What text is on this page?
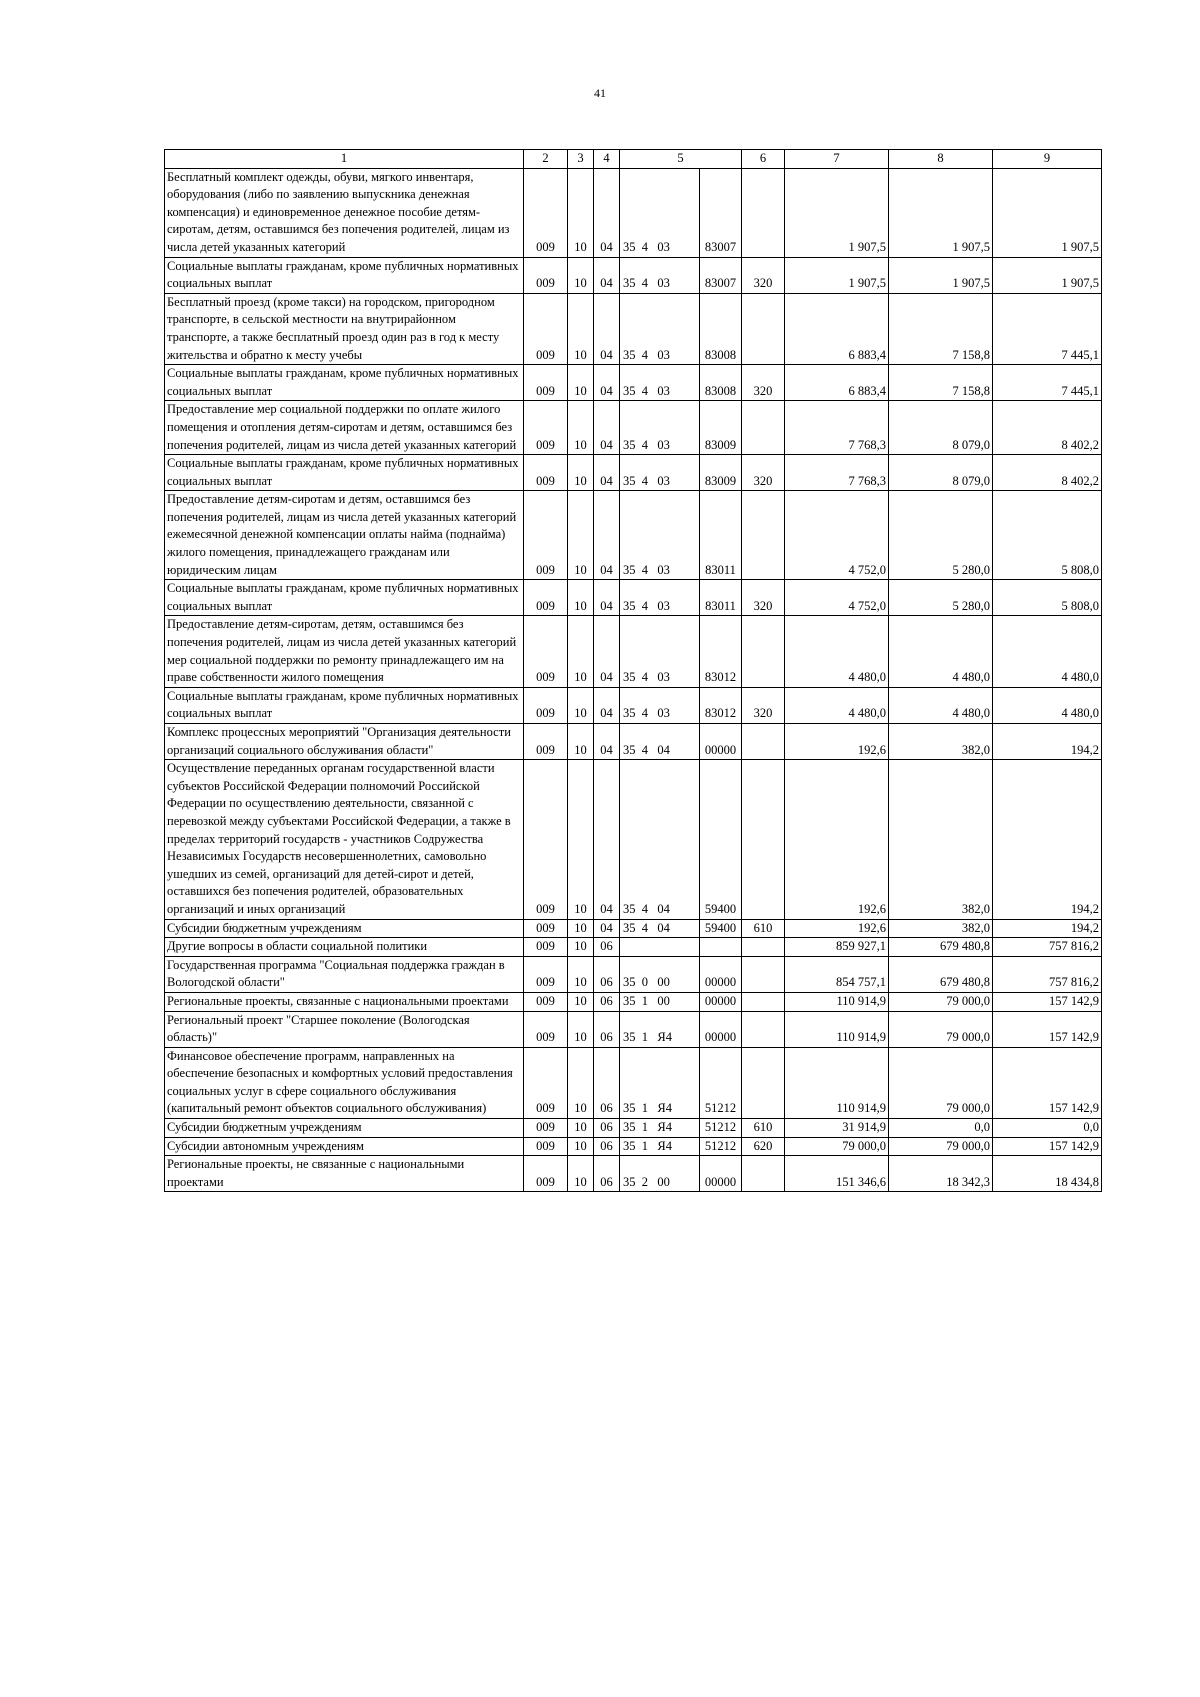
41
1	2	3	4	5		6	7	8	9
Бесплатный комплект одежды, обуви, мягкого инвентаря, оборудования (либо по заявлению выпускника денежная компенсация) и единовременное денежное пособие детям-сиротам, детям, оставшимся без попечения родителей, лицам из числа детей указанных категорий	009	10	04	35  4   03	83007		1 907,5	1 907,5	1 907,5
Социальные выплаты гражданам, кроме публичных нормативных социальных выплат	009	10	04	35  4   03	83007	320	1 907,5	1 907,5	1 907,5
Бесплатный проезд (кроме такси) на городском, пригородном транспорте, в сельской местности на внутрирайонном транспорте, а также бесплатный проезд один раз в год к месту жительства и обратно к месту учебы	009	10	04	35  4   03	83008		6 883,4	7 158,8	7 445,1
Социальные выплаты гражданам, кроме публичных нормативных социальных выплат	009	10	04	35  4   03	83008	320	6 883,4	7 158,8	7 445,1
Предоставление мер социальной поддержки по оплате жилого помещения и отопления детям-сиротам и детям, оставшимся без попечения родителей, лицам из числа детей указанных категорий	009	10	04	35  4   03	83009		7 768,3	8 079,0	8 402,2
Социальные выплаты гражданам, кроме публичных нормативных социальных выплат	009	10	04	35  4   03	83009	320	7 768,3	8 079,0	8 402,2
Предоставление детям-сиротам и детям, оставшимся без попечения родителей, лицам из числа детей указанных категорий ежемесячной денежной компенсации оплаты найма (поднайма) жилого помещения, принадлежащего гражданам или юридическим лицам	009	10	04	35  4   03	83011		4 752,0	5 280,0	5 808,0
Социальные выплаты гражданам, кроме публичных нормативных социальных выплат	009	10	04	35  4   03	83011	320	4 752,0	5 280,0	5 808,0
Предоставление детям-сиротам, детям, оставшимся без попечения родителей, лицам из числа детей указанных категорий мер социальной поддержки по ремонту принадлежащего им на праве собственности жилого помещения	009	10	04	35  4   03	83012		4 480,0	4 480,0	4 480,0
Социальные выплаты гражданам, кроме публичных нормативных социальных выплат	009	10	04	35  4   03	83012	320	4 480,0	4 480,0	4 480,0
Комплекс процессных мероприятий "Организация деятельности организаций социального обслуживания области"	009	10	04	35  4   04	00000		192,6	382,0	194,2
Осуществление переданных органам государственной власти субъектов Российской Федерации полномочий Российской Федерации по осуществлению деятельности, связанной с перевозкой между субъектами Российской Федерации, а также в пределах территорий государств - участников Содружества Независимых Государств несовершеннолетних, самовольно ушедших из семей, организаций для детей-сирот и детей, оставшихся без попечения родителей, образовательных организаций и иных организаций	009	10	04	35  4   04	59400		192,6	382,0	194,2
Субсидии бюджетным учреждениям	009	10	04	35  4   04	59400	610	192,6	382,0	194,2
Другие вопросы в области социальной политики	009	10	06				859 927,1	679 480,8	757 816,2
Государственная программа "Социальная поддержка граждан в Вологодской области"	009	10	06	35  0   00	00000		854 757,1	679 480,8	757 816,2
Региональные проекты, связанные с национальными проектами	009	10	06	35  1   00	00000		110 914,9	79 000,0	157 142,9
Региональный проект "Старшее поколение (Вологодская область)"	009	10	06	35  1   Я4	00000		110 914,9	79 000,0	157 142,9
Финансовое обеспечение программ, направленных на обеспечение безопасных и комфортных условий предоставления социальных услуг в сфере социального обслуживания (капитальный ремонт объектов социального обслуживания)	009	10	06	35  1   Я4	51212		110 914,9	79 000,0	157 142,9
Субсидии бюджетным учреждениям	009	10	06	35  1   Я4	51212	610	31 914,9	0,0	0,0
Субсидии автономным учреждениям	009	10	06	35  1   Я4	51212	620	79 000,0	79 000,0	157 142,9
Региональные проекты, не связанные с национальными проектами	009	10	06	35  2   00	00000		151 346,6	18 342,3	18 434,8
